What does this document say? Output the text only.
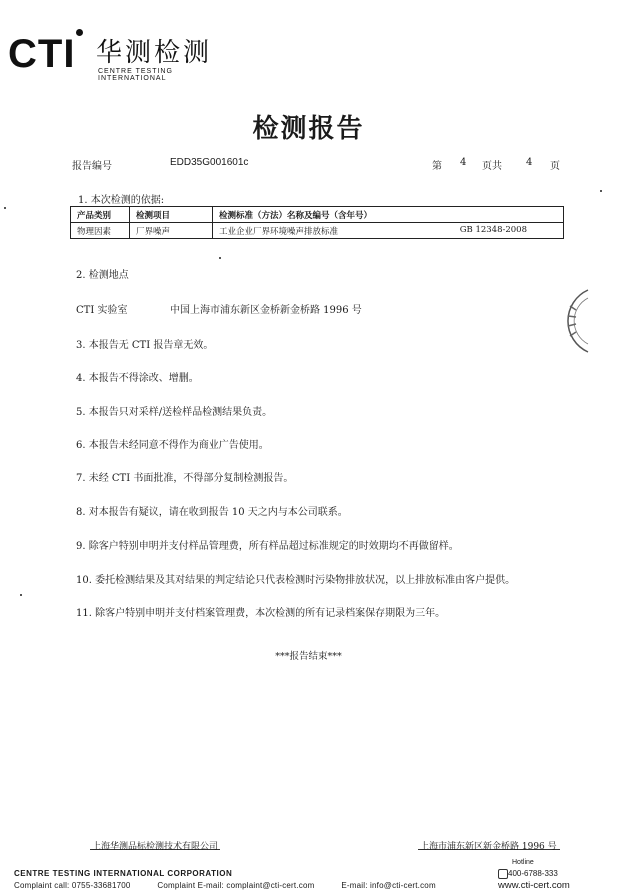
CTI 华测检测
CENTRE TESTING INTERNATIONAL
检测报告
报告编号	EDD35G001601c	第 4 页共 4 页
1. 本次检测的依据:
产品类别	检测项目	检测标准（方法）名称及编号（含年号）
物理因素	厂界噪声	工业企业厂界环境噪声排放标准 GB 12348-2008
2. 检测地点
CTI 实验室	中国上海市浦东新区金桥新金桥路 1996 号
3. 本报告无 CTI 报告章无效。
4. 本报告不得涂改、增删。
5. 本报告只对采样/送检样品检测结果负责。
6. 本报告未经同意不得作为商业广告使用。
7. 未经 CTI 书面批准，不得部分复制检测报告。
8. 对本报告有疑议，请在收到报告 10 天之内与本公司联系。
9. 除客户特别申明并支付样品管理费，所有样品超过标准规定的时效期均不再做留样。
10. 委托检测结果及其对结果的判定结论只代表检测时污染物排放状况，以上排放标准由客户提供。
11. 除客户特别申明并支付档案管理费，本次检测的所有记录档案保存期限为三年。
***报告结束***
上海华测品标检测技术有限公司	上海市浦东新区新金桥路 1996 号
CENTRE TESTING INTERNATIONAL CORPORATION
Complaint call: 0755-33681700	Complaint E-mail: complaint@cti-cert.com	E-mail: info@cti-cert.com
Hotline
400-6788-333
www.cti-cert.com
